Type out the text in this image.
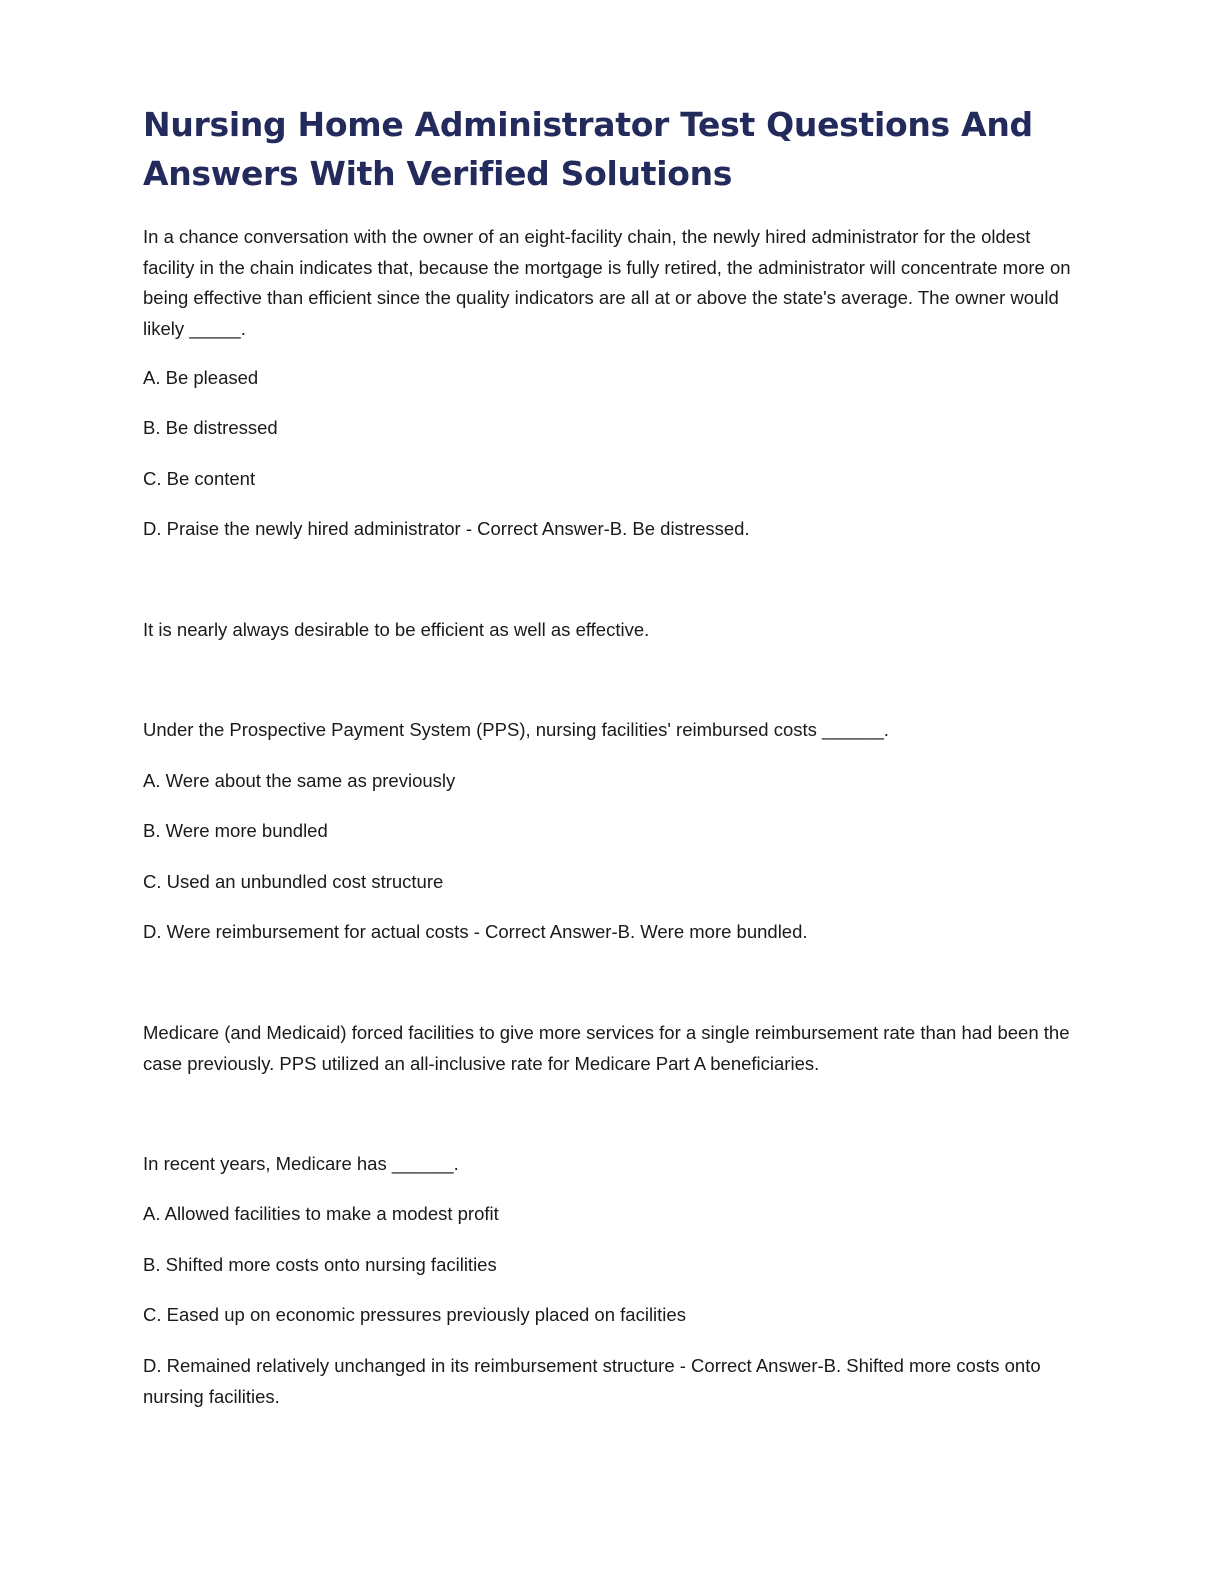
Nursing Home Administrator Test Questions And Answers With Verified Solutions

In a chance conversation with the owner of an eight-facility chain, the newly hired administrator for the oldest facility in the chain indicates that, because the mortgage is fully retired, the administrator will concentrate more on being effective than efficient since the quality indicators are all at or above the state's average. The owner would likely _____.

A. Be pleased

B. Be distressed

C. Be content

D. Praise the newly hired administrator - Correct Answer-B. Be distressed.

It is nearly always desirable to be efficient as well as effective.

Under the Prospective Payment System (PPS), nursing facilities' reimbursed costs ______.

A. Were about the same as previously

B. Were more bundled

C. Used an unbundled cost structure

D. Were reimbursement for actual costs - Correct Answer-B. Were more bundled.

Medicare (and Medicaid) forced facilities to give more services for a single reimbursement rate than had been the case previously. PPS utilized an all-inclusive rate for Medicare Part A beneficiaries.

In recent years, Medicare has ______.

A. Allowed facilities to make a modest profit

B. Shifted more costs onto nursing facilities

C. Eased up on economic pressures previously placed on facilities

D. Remained relatively unchanged in its reimbursement structure - Correct Answer-B. Shifted more costs onto nursing facilities.
